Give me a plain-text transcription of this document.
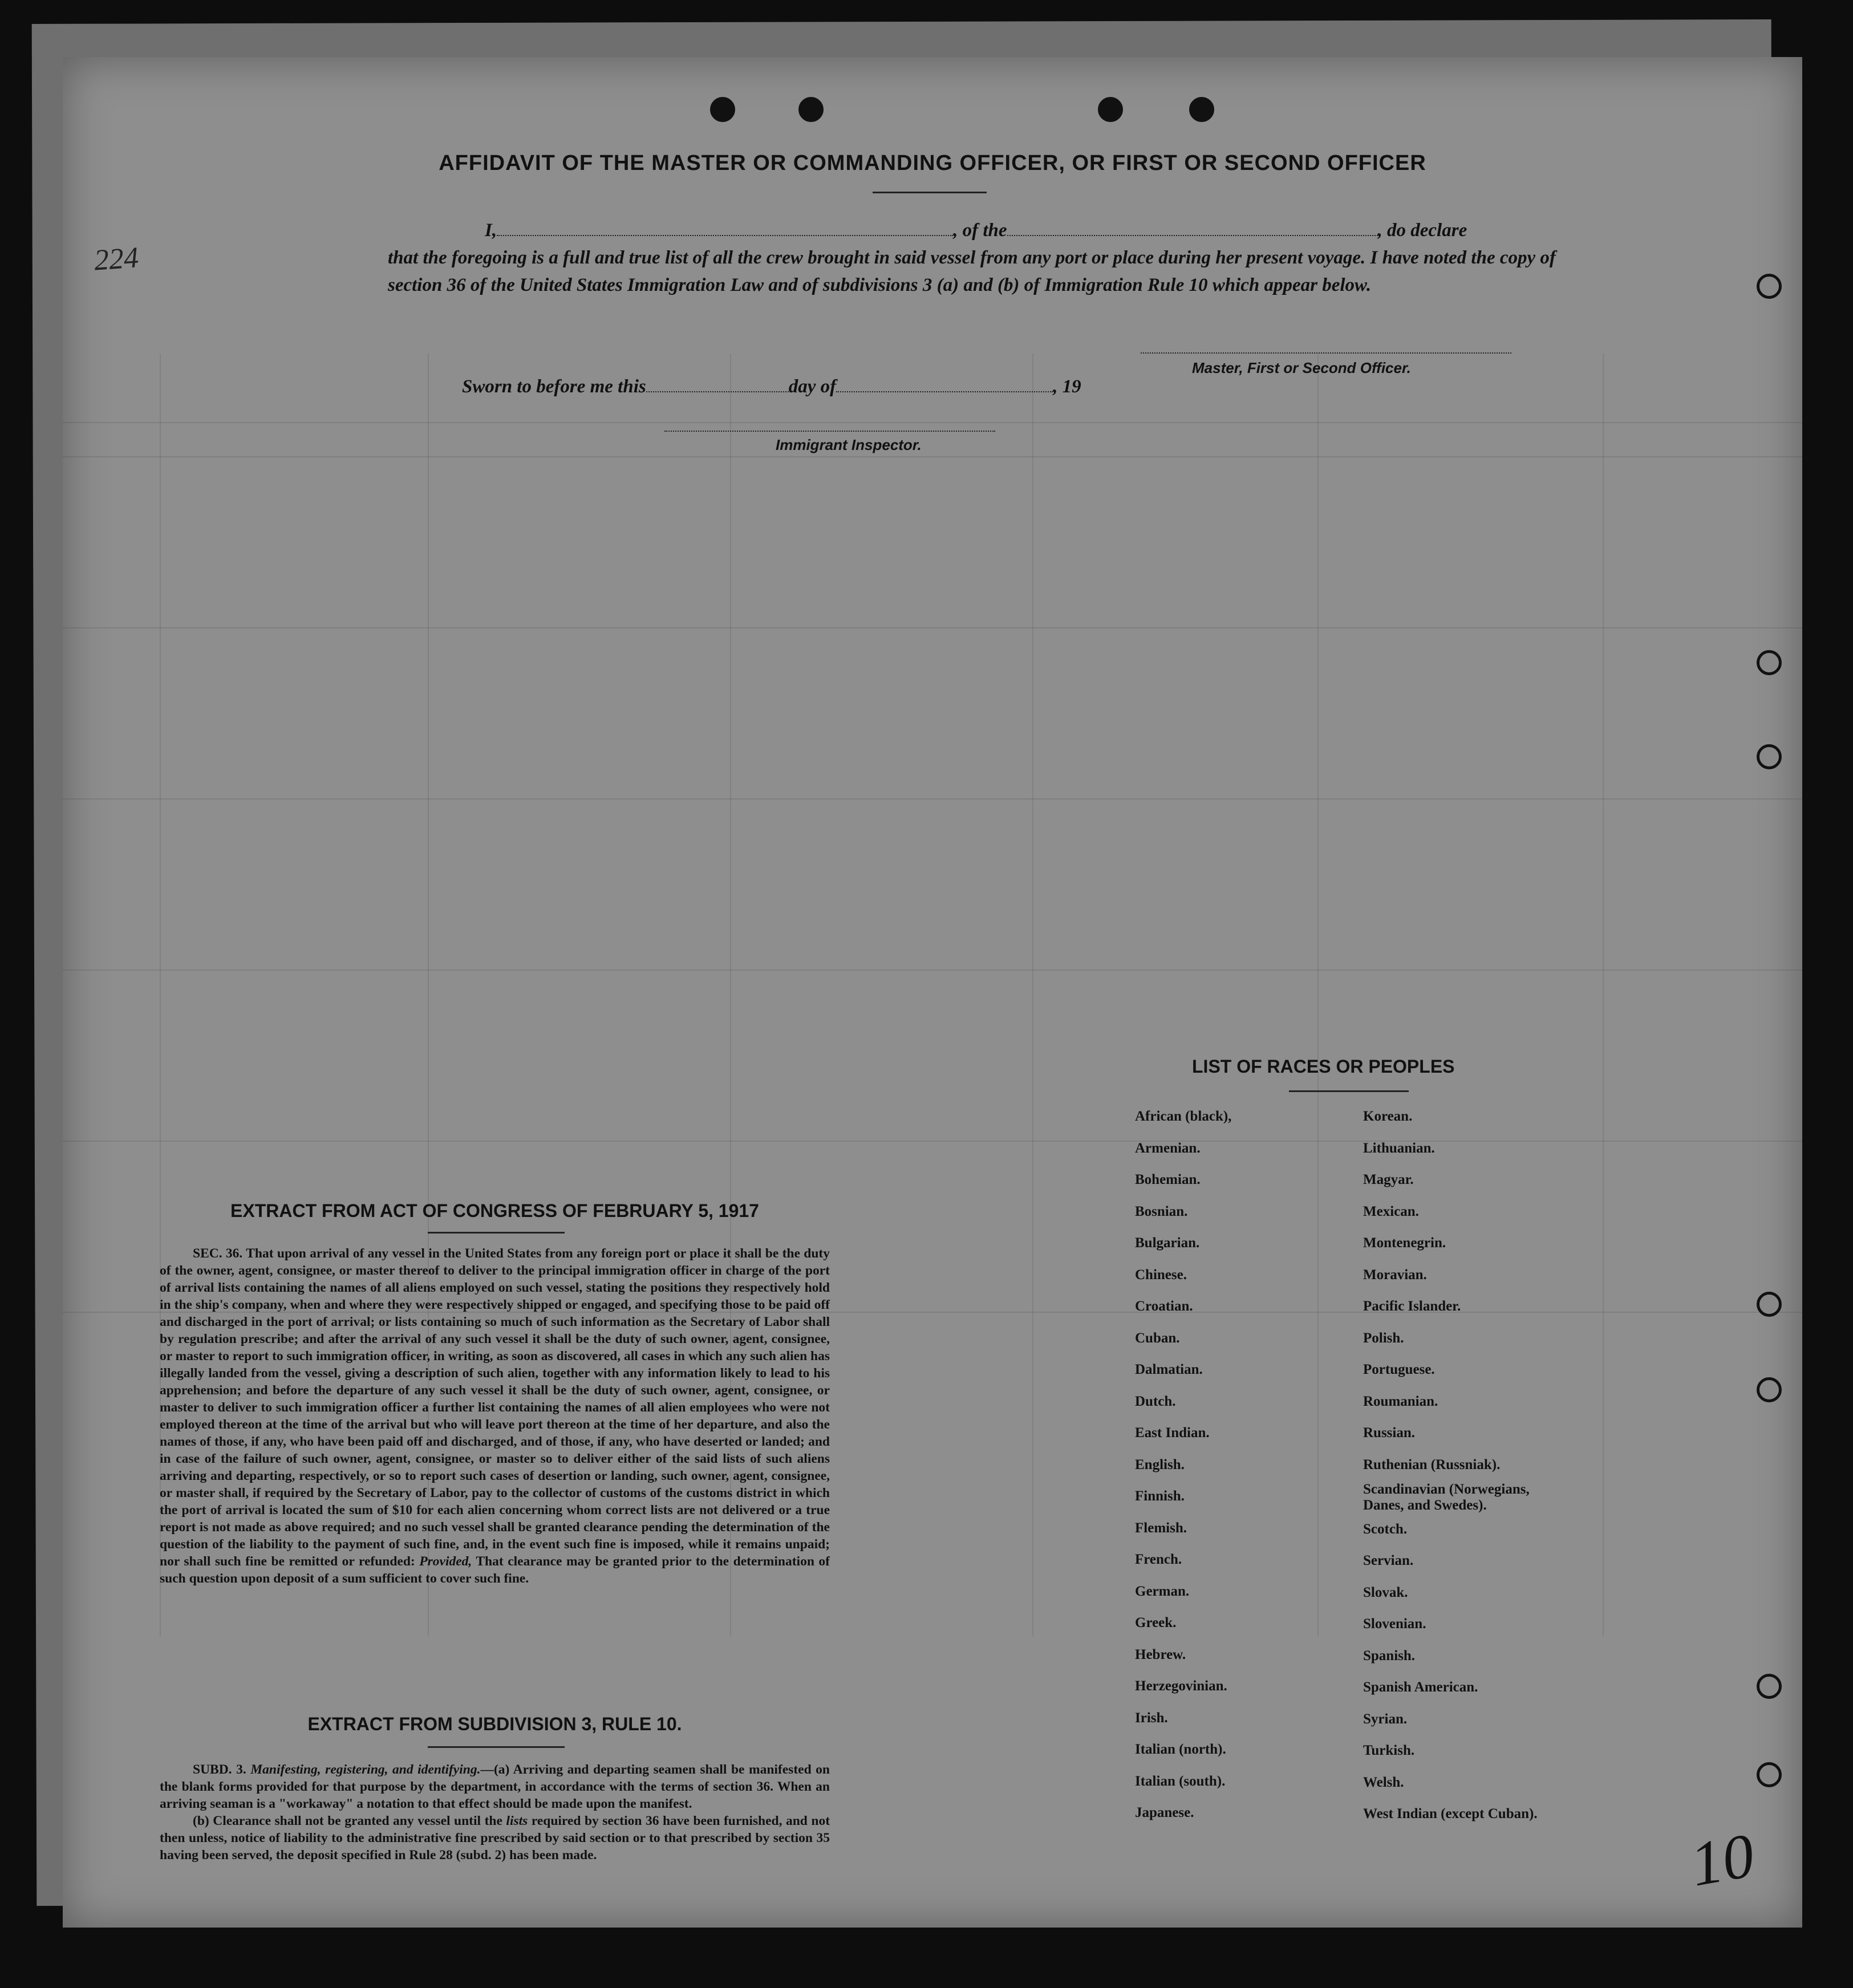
224
10
AFFIDAVIT OF THE MASTER OR COMMANDING OFFICER, OR FIRST OR SECOND OFFICER
I,	, of the	, do declare
that the foregoing is a full and true list of all the crew brought in said vessel from any port or place during her present voyage. I have noted the copy of section 36 of the United States Immigration Law and of subdivisions 3 (a) and (b) of Immigration Rule 10 which appear below.
Master, First or Second Officer.
Sworn to before me this	day of	, 19
Immigrant Inspector.
LIST OF RACES OR PEOPLES
African (black),
Armenian.
Bohemian.
Bosnian.
Bulgarian.
Chinese.
Croatian.
Cuban.
Dalmatian.
Dutch.
East Indian.
English.
Finnish.
Flemish.
French.
German.
Greek.
Hebrew.
Herzegovinian.
Irish.
Italian (north).
Italian (south).
Japanese.
Korean.
Lithuanian.
Magyar.
Mexican.
Montenegrin.
Moravian.
Pacific Islander.
Polish.
Portuguese.
Roumanian.
Russian.
Ruthenian (Russniak).
Scandinavian (Norwegians, Danes, and Swedes).
Scotch.
Servian.
Slovak.
Slovenian.
Spanish.
Spanish American.
Syrian.
Turkish.
Welsh.
West Indian (except Cuban).
EXTRACT FROM ACT OF CONGRESS OF FEBRUARY 5, 1917

SEC. 36. That upon arrival of any vessel in the United States from any foreign port or place it shall be the duty of the owner, agent, consignee, or master thereof to deliver to the principal immigration officer in charge of the port of arrival lists containing the names of all aliens employed on such vessel, stating the positions they respectively hold in the ship's company, when and where they were respectively shipped or engaged, and specifying those to be paid off and discharged in the port of arrival; or lists containing so much of such information as the Secretary of Labor shall by regulation prescribe; and after the arrival of any such vessel it shall be the duty of such owner, agent, consignee, or master to report to such immigration officer, in writing, as soon as discovered, all cases in which any such alien has illegally landed from the vessel, giving a description of such alien, together with any information likely to lead to his apprehension; and before the departure of any such vessel it shall be the duty of such owner, agent, consignee, or master to deliver to such immigration officer a further list containing the names of all alien employees who were not employed thereon at the time of the arrival but who will leave port thereon at the time of her departure, and also the names of those, if any, who have been paid off and discharged, and of those, if any, who have deserted or landed; and in case of the failure of such owner, agent, consignee, or master so to deliver either of the said lists of such aliens arriving and departing, respectively, or so to report such cases of desertion or landing, such owner, agent, consignee, or master shall, if required by the Secretary of Labor, pay to the collector of customs of the customs district in which the port of arrival is located the sum of $10 for each alien concerning whom correct lists are not delivered or a true report is not made as above required; and no such vessel shall be granted clearance pending the determination of the question of the liability to the payment of such fine, and, in the event such fine is imposed, while it remains unpaid; nor shall such fine be remitted or refunded: Provided, That clearance may be granted prior to the determination of such question upon deposit of a sum sufficient to cover such fine.

EXTRACT FROM SUBDIVISION 3, RULE 10.

SUBD. 3. Manifesting, registering, and identifying.—(a) Arriving and departing seamen shall be manifested on the blank forms provided for that purpose by the department, in accordance with the terms of section 36. When an arriving seaman is a "workaway" a notation to that effect should be made upon the manifest.

(b) Clearance shall not be granted any vessel until the lists required by section 36 have been furnished, and not then unless, notice of liability to the administrative fine prescribed by said section or to that prescribed by section 35 having been served, the deposit specified in Rule 28 (subd. 2) has been made.
